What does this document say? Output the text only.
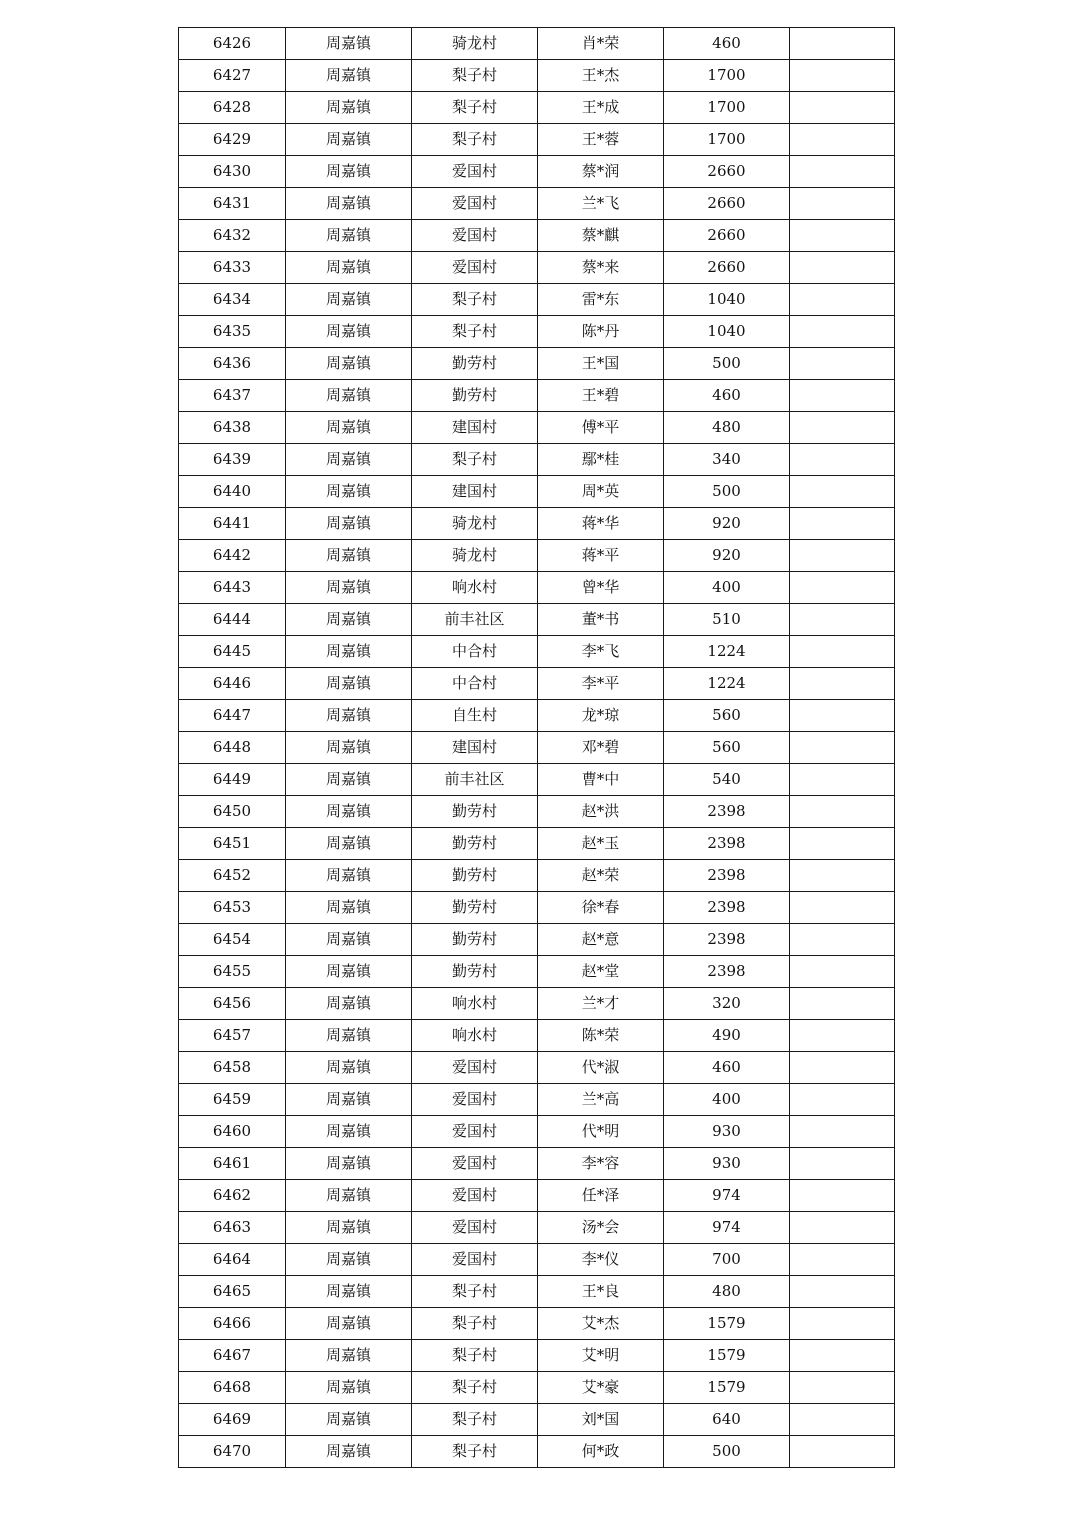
6426	周嘉镇	骑龙村	肖*荣	460	
6427	周嘉镇	梨子村	王*杰	1700	
6428	周嘉镇	梨子村	王*成	1700	
6429	周嘉镇	梨子村	王*蓉	1700	
6430	周嘉镇	爱国村	蔡*润	2660	
6431	周嘉镇	爱国村	兰*飞	2660	
6432	周嘉镇	爱国村	蔡*麒	2660	
6433	周嘉镇	爱国村	蔡*来	2660	
6434	周嘉镇	梨子村	雷*东	1040	
6435	周嘉镇	梨子村	陈*丹	1040	
6436	周嘉镇	勤劳村	王*国	500	
6437	周嘉镇	勤劳村	王*碧	460	
6438	周嘉镇	建国村	傅*平	480	
6439	周嘉镇	梨子村	鄢*桂	340	
6440	周嘉镇	建国村	周*英	500	
6441	周嘉镇	骑龙村	蒋*华	920	
6442	周嘉镇	骑龙村	蒋*平	920	
6443	周嘉镇	响水村	曾*华	400	
6444	周嘉镇	前丰社区	董*书	510	
6445	周嘉镇	中合村	李*飞	1224	
6446	周嘉镇	中合村	李*平	1224	
6447	周嘉镇	自生村	龙*琼	560	
6448	周嘉镇	建国村	邓*碧	560	
6449	周嘉镇	前丰社区	曹*中	540	
6450	周嘉镇	勤劳村	赵*洪	2398	
6451	周嘉镇	勤劳村	赵*玉	2398	
6452	周嘉镇	勤劳村	赵*荣	2398	
6453	周嘉镇	勤劳村	徐*春	2398	
6454	周嘉镇	勤劳村	赵*意	2398	
6455	周嘉镇	勤劳村	赵*堂	2398	
6456	周嘉镇	响水村	兰*才	320	
6457	周嘉镇	响水村	陈*荣	490	
6458	周嘉镇	爱国村	代*淑	460	
6459	周嘉镇	爱国村	兰*高	400	
6460	周嘉镇	爱国村	代*明	930	
6461	周嘉镇	爱国村	李*容	930	
6462	周嘉镇	爱国村	任*泽	974	
6463	周嘉镇	爱国村	汤*会	974	
6464	周嘉镇	爱国村	李*仪	700	
6465	周嘉镇	梨子村	王*良	480	
6466	周嘉镇	梨子村	艾*杰	1579	
6467	周嘉镇	梨子村	艾*明	1579	
6468	周嘉镇	梨子村	艾*豪	1579	
6469	周嘉镇	梨子村	刘*国	640	
6470	周嘉镇	梨子村	何*政	500	
